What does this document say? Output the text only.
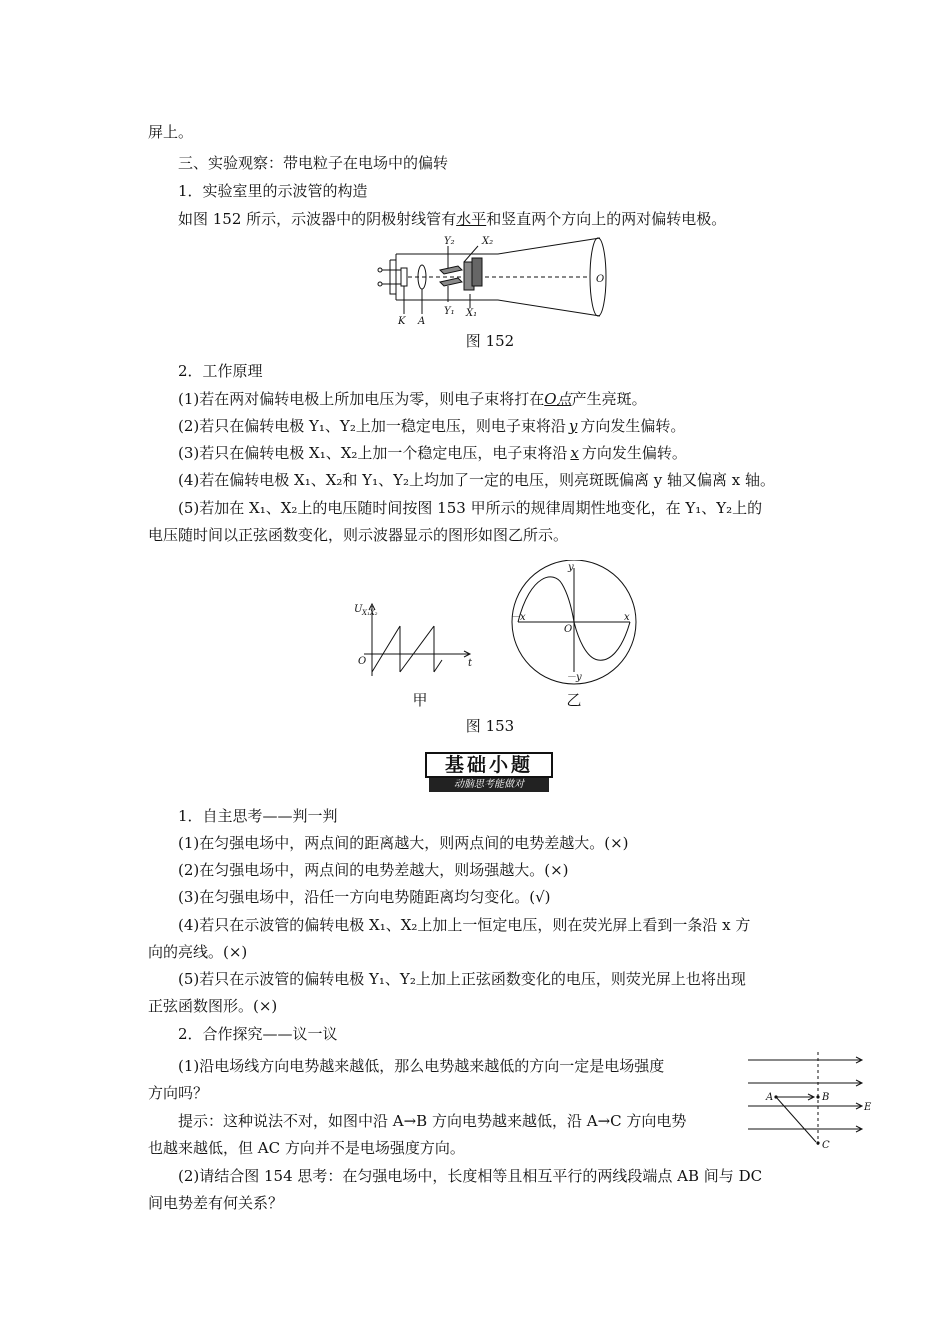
屏上。
三、实验观察：带电粒子在电场中的偏转
1．实验室里的示波管的构造
如图 152 所示，示波器中的阴极射线管有水平和竖直两个方向上的两对偏转电极。
Y₂	X₂
Y₁ X₁
K A
O
图 152
2．工作原理
(1)若在两对偏转电极上所加电压为零，则电子束将打在O点产生亮斑。
(2)若只在偏转电极 Y₁、Y₂上加一稳定电压，则电子束将沿 y 方向发生偏转。
(3)若只在偏转电极 X₁、X₂上加一个稳定电压，电子束将沿 x 方向发生偏转。
(4)若在偏转电极 X₁、X₂和 Y₁、Y₂上均加了一定的电压，则亮斑既偏离 y 轴又偏离 x 轴。
(5)若加在 X₁、X₂上的电压随时间按图 153 甲所示的规律周期性地变化，在 Y₁、Y₂上的
电压随时间以正弦函数变化，则示波器显示的图形如图乙所示。
U X₁X₂
t
O
甲
y
－y
x
－x
O
乙
图 153
基础小题
动脑思考能做对
1．自主思考——判一判
(1)在匀强电场中，两点间的距离越大，则两点间的电势差越大。(×)
(2)在匀强电场中，两点间的电势差越大，则场强越大。(×)
(3)在匀强电场中，沿任一方向电势随距离均匀变化。(√)
(4)若只在示波管的偏转电极 X₁、X₂上加上一恒定电压，则在荧光屏上看到一条沿 x 方
向的亮线。(×)
(5)若只在示波管的偏转电极 Y₁、Y₂上加上正弦函数变化的电压，则荧光屏上也将出现
正弦函数图形。(×)
2．合作探究——议一议
(1)沿电场线方向电势越来越低，那么电势越来越低的方向一定是电场强度
方向吗？
提示：这种说法不对，如图中沿 A→B 方向电势越来越低，沿 A→C 方向电势
也越来越低，但 AC 方向并不是电场强度方向。
(2)请结合图 154 思考：在匀强电场中，长度相等且相互平行的两线段端点 AB 间与 DC
间电势差有何关系？
A	B
C
E
